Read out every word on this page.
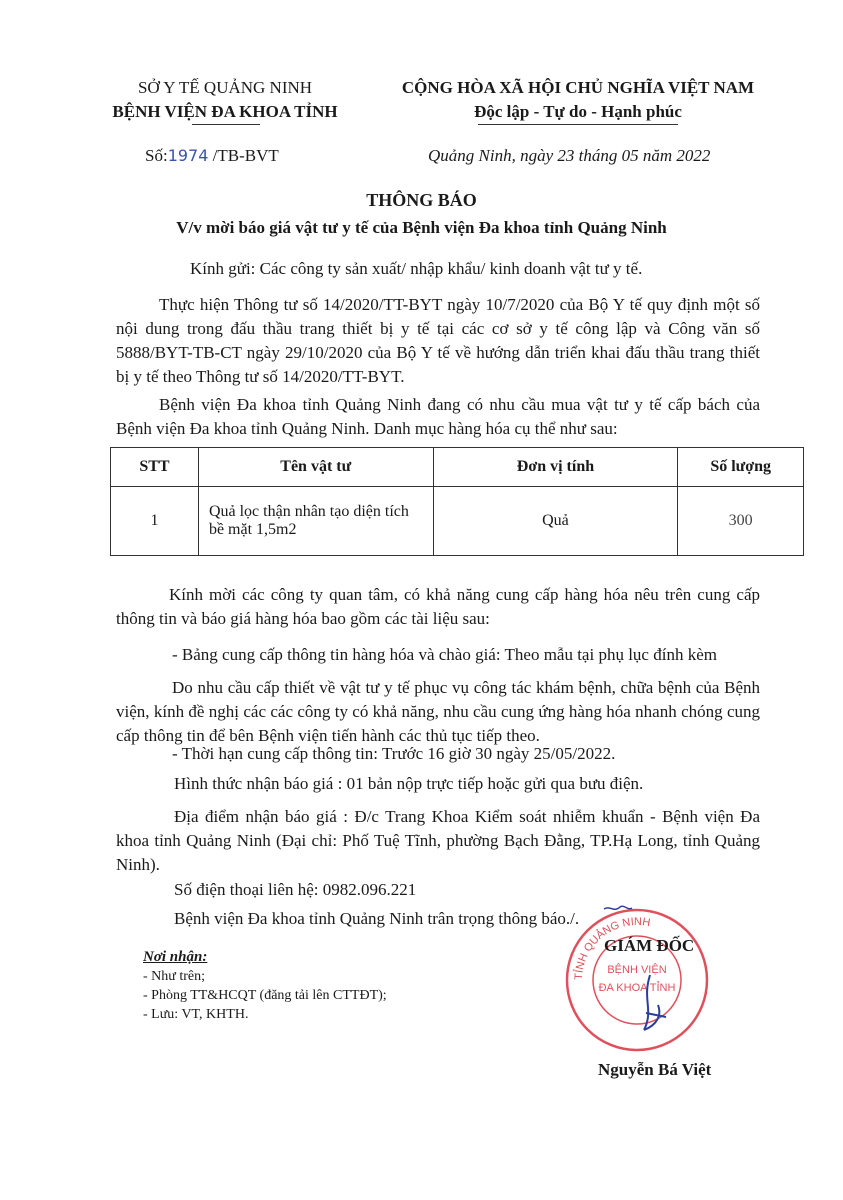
SỞ Y TẾ QUẢNG NINH
BỆNH VIỆN ĐA KHOA TỈNH
CỘNG HÒA XÃ HỘI CHỦ NGHĨA VIỆT NAM
Độc lập - Tự do - Hạnh phúc
Số:1974 /TB-BVT	Quảng Ninh, ngày 23 tháng 05 năm 2022
THÔNG BÁO
V/v mời báo giá vật tư y tế của Bệnh viện Đa khoa tỉnh Quảng Ninh
Kính gửi: Các công ty sản xuất/ nhập khẩu/ kinh doanh vật tư y tế.
Thực hiện Thông tư số 14/2020/TT-BYT ngày 10/7/2020 của Bộ Y tế quy định một số nội dung trong đấu thầu trang thiết bị y tế tại các cơ sở y tế công lập và Công văn số 5888/BYT-TB-CT ngày 29/10/2020 của Bộ Y tế về hướng dẫn triển khai đấu thầu trang thiết bị y tế theo Thông tư số 14/2020/TT-BYT.
Bệnh viện Đa khoa tỉnh Quảng Ninh đang có nhu cầu mua vật tư y tế cấp bách của Bệnh viện Đa khoa tỉnh Quảng Ninh. Danh mục hàng hóa cụ thể như sau:
STT	Tên vật tư	Đơn vị tính	Số lượng
1	Quả lọc thận nhân tạo diện tích bề mặt 1,5m2	Quả	300
Kính mời các công ty quan tâm, có khả năng cung cấp hàng hóa nêu trên cung cấp thông tin và báo giá hàng hóa bao gồm các tài liệu sau:
- Bảng cung cấp thông tin hàng hóa và chào giá: Theo mẫu tại phụ lục đính kèm
Do nhu cầu cấp thiết về vật tư y tế phục vụ công tác khám bệnh, chữa bệnh của Bệnh viện, kính đề nghị các các công ty có khả năng, nhu cầu cung ứng hàng hóa nhanh chóng cung cấp thông tin để bên Bệnh viện tiến hành các thủ tục tiếp theo.
- Thời hạn cung cấp thông tin: Trước 16 giờ 30 ngày 25/05/2022.
Hình thức nhận báo giá : 01 bản nộp trực tiếp hoặc gửi qua bưu điện.
Địa điểm nhận báo giá : Đ/c Trang Khoa Kiểm soát nhiễm khuẩn - Bệnh viện Đa khoa tỉnh Quảng Ninh (Đại chỉ: Phố Tuệ Tĩnh, phường Bạch Đằng, TP.Hạ Long, tỉnh Quảng Ninh).
Số điện thoại liên hệ: 0982.096.221
Bệnh viện Đa khoa tỉnh Quảng Ninh trân trọng thông báo./.
Nơi nhận:
- Như trên;
- Phòng TT&HCQT (đăng tải lên CTTĐT);
- Lưu: VT, KHTH.
TỈNH QUẢNG NINH
BỆNH VIỆN
ĐA KHOA TỈNH
GIÁM ĐỐC
Nguyễn Bá Việt
